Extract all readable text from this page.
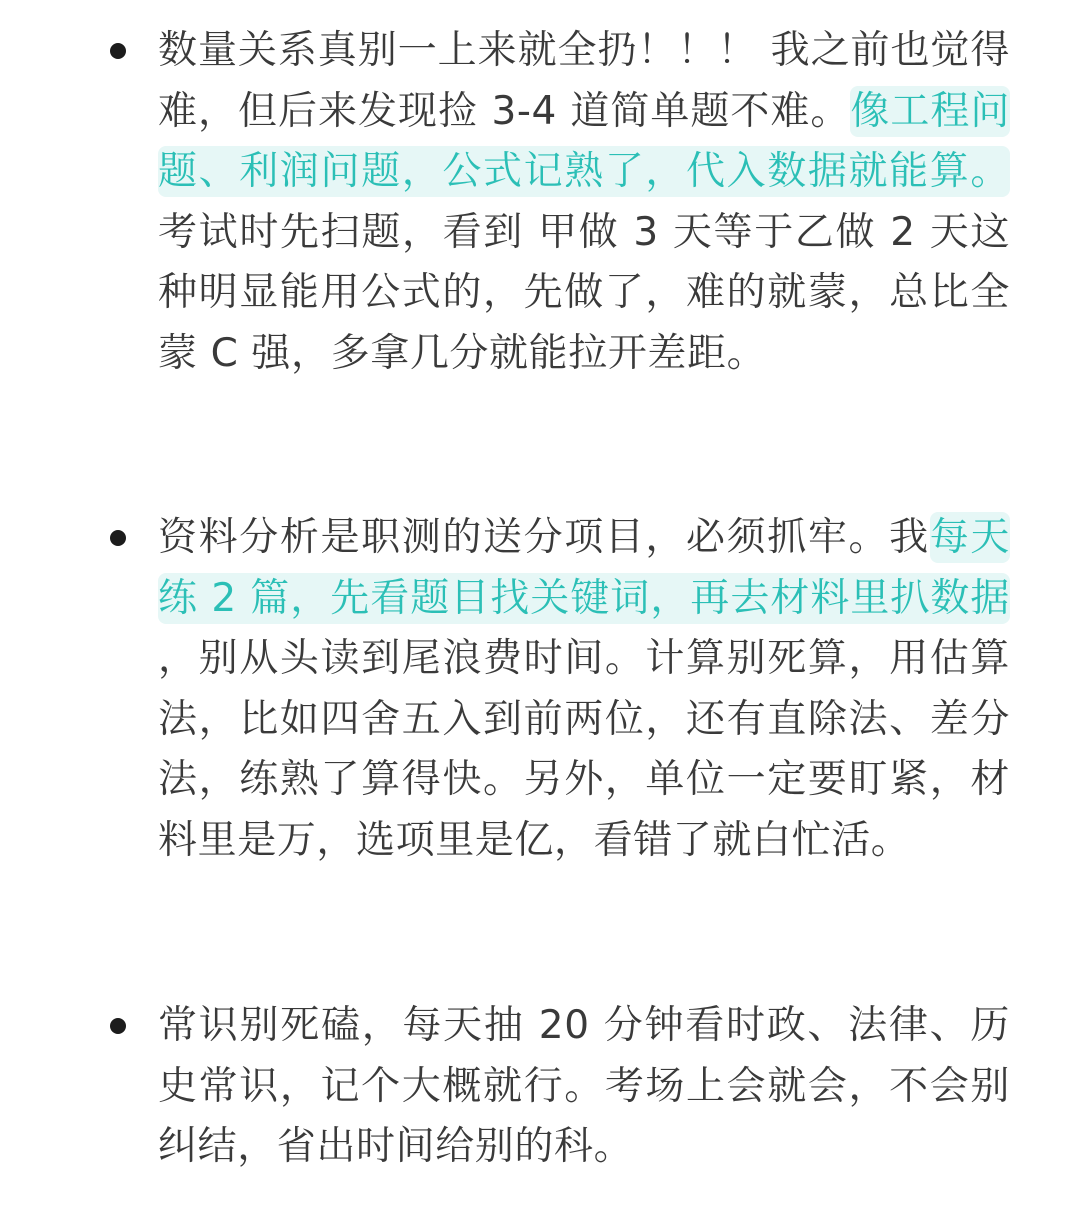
数量关系真别一上来就全扔！！！ 我之前也觉得难，但后来发现捡 3-4 道简单题不难。像工程问题、利润问题，公式记熟了，代入数据就能算。考试时先扫题，看到 甲做 3 天等于乙做 2 天这种明显能用公式的，先做了，难的就蒙，总比全蒙 C 强，多拿几分就能拉开差距。

资料分析是职测的送分项目，必须抓牢。我每天练 2 篇，先看题目找关键词，再去材料里扒数据，别从头读到尾浪费时间。计算别死算，用估算法，比如四舍五入到前两位，还有直除法、差分法，练熟了算得快。另外，单位一定要盯紧，材料里是万，选项里是亿，看错了就白忙活。

常识别死磕，每天抽 20 分钟看时政、法律、历史常识，记个大概就行。考场上会就会，不会别纠结，省出时间给别的科。
